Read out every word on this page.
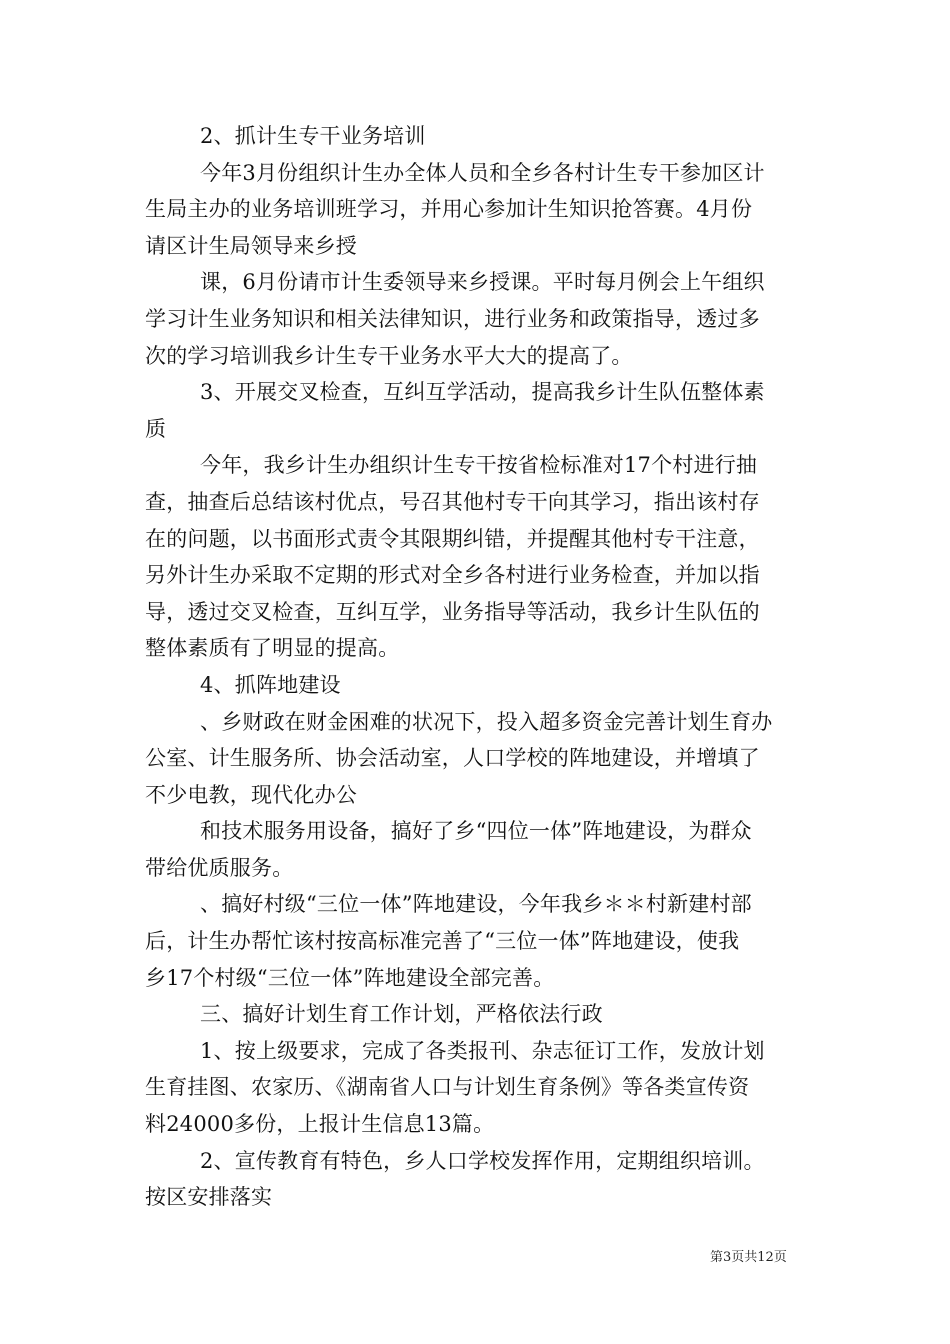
2、抓计生专干业务培训
今年3月份组织计生办全体人员和全乡各村计生专干参加区计
生局主办的业务培训班学习，并用心参加计生知识抢答赛。4月份
请区计生局领导来乡授
课，6月份请市计生委领导来乡授课。平时每月例会上午组织
学习计生业务知识和相关法律知识，进行业务和政策指导，透过多
次的学习培训我乡计生专干业务水平大大的提高了。
3、开展交叉检查，互纠互学活动，提高我乡计生队伍整体素
质
今年，我乡计生办组织计生专干按省检标准对17个村进行抽
查，抽查后总结该村优点，号召其他村专干向其学习，指出该村存
在的问题，以书面形式责令其限期纠错，并提醒其他村专干注意，
另外计生办采取不定期的形式对全乡各村进行业务检查，并加以指
导，透过交叉检查，互纠互学，业务指导等活动，我乡计生队伍的
整体素质有了明显的提高。
4、抓阵地建设
、乡财政在财金困难的状况下，投入超多资金完善计划生育办
公室、计生服务所、协会活动室，人口学校的阵地建设，并增填了
不少电教，现代化办公
和技术服务用设备，搞好了乡“四位一体”阵地建设，为群众
带给优质服务。
、搞好村级“三位一体”阵地建设，今年我乡＊＊村新建村部
后，计生办帮忙该村按高标准完善了“三位一体”阵地建设，使我
乡17个村级“三位一体”阵地建设全部完善。
三、搞好计划生育工作计划，严格依法行政
1、按上级要求，完成了各类报刊、杂志征订工作，发放计划
生育挂图、农家历、《湖南省人口与计划生育条例》等各类宣传资
料24000多份，上报计生信息13篇。
2、宣传教育有特色，乡人口学校发挥作用，定期组织培训。
按区安排落实
第3页共12页
